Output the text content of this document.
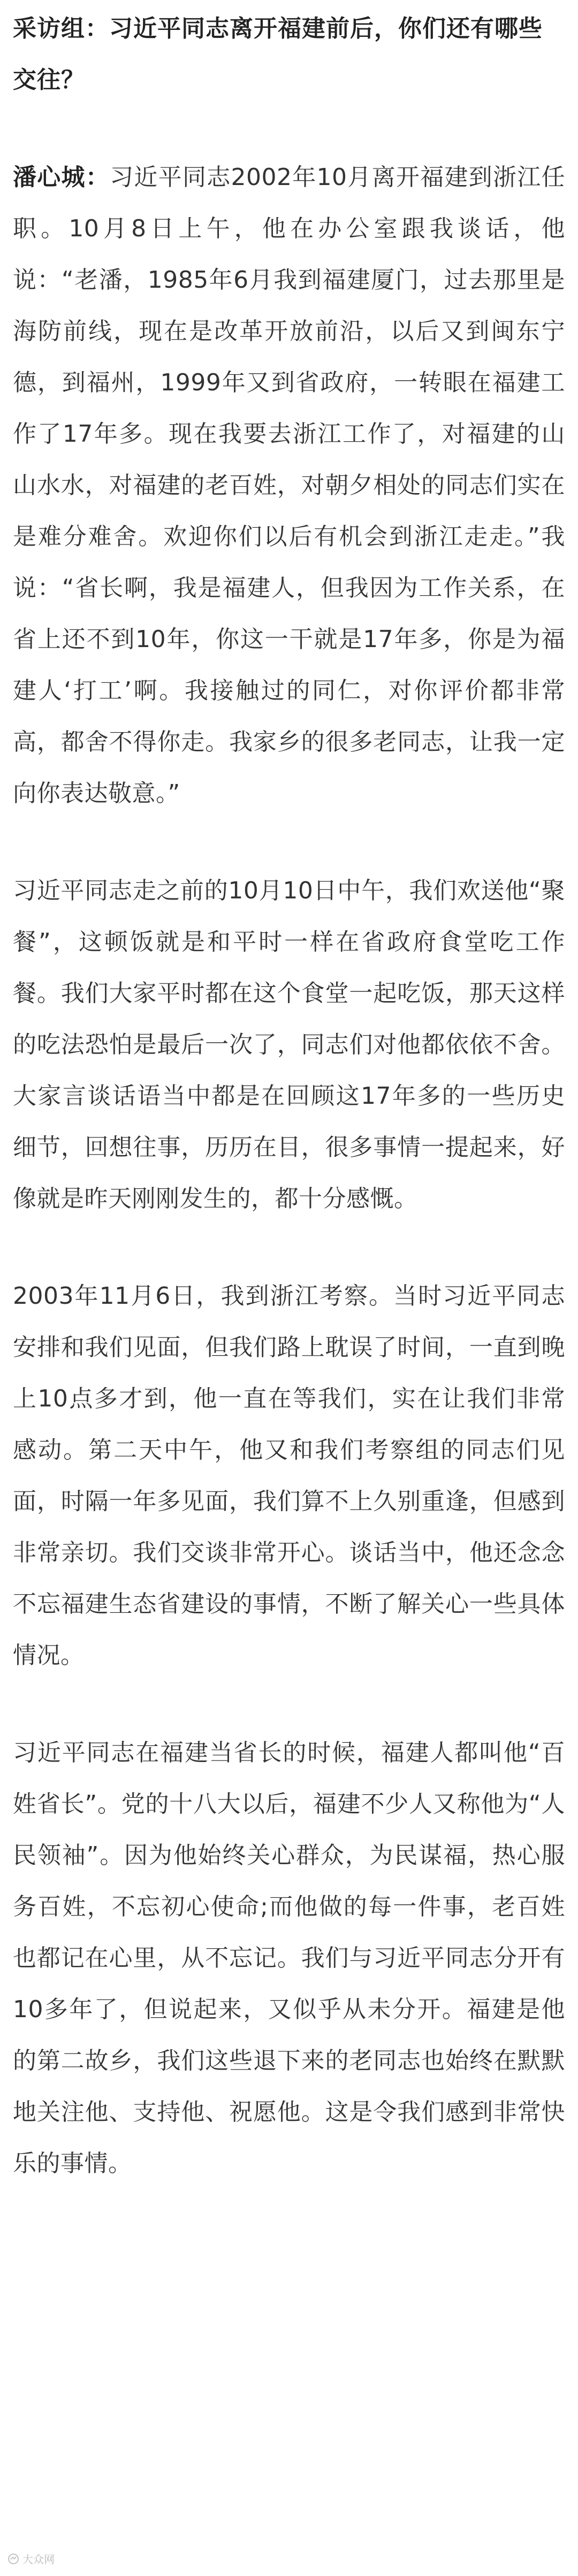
采访组：习近平同志离开福建前后，你们还有哪些交往？

潘心城：习近平同志2002年10月离开福建到浙江任职。10月8日上午，他在办公室跟我谈话，他说：“老潘，1985年6月我到福建厦门，过去那里是海防前线，现在是改革开放前沿，以后又到闽东宁德，到福州，1999年又到省政府，一转眼在福建工作了17年多。现在我要去浙江工作了，对福建的山山水水，对福建的老百姓，对朝夕相处的同志们实在是难分难舍。欢迎你们以后有机会到浙江走走。”我说：“省长啊，我是福建人，但我因为工作关系，在省上还不到10年，你这一干就是17年多，你是为福建人‘打工’啊。我接触过的同仁，对你评价都非常高，都舍不得你走。我家乡的很多老同志，让我一定向你表达敬意。”

习近平同志走之前的10月10日中午，我们欢送他“聚餐”，这顿饭就是和平时一样在省政府食堂吃工作餐。我们大家平时都在这个食堂一起吃饭，那天这样的吃法恐怕是最后一次了，同志们对他都依依不舍。大家言谈话语当中都是在回顾这17年多的一些历史细节，回想往事，历历在目，很多事情一提起来，好像就是昨天刚刚发生的，都十分感慨。

2003年11月6日，我到浙江考察。当时习近平同志安排和我们见面，但我们路上耽误了时间，一直到晚上10点多才到，他一直在等我们，实在让我们非常感动。第二天中午，他又和我们考察组的同志们见面，时隔一年多见面，我们算不上久别重逢，但感到非常亲切。我们交谈非常开心。谈话当中，他还念念不忘福建生态省建设的事情，不断了解关心一些具体情况。

习近平同志在福建当省长的时候，福建人都叫他“百姓省长”。党的十八大以后，福建不少人又称他为“人民领袖”。因为他始终关心群众，为民谋福，热心服务百姓，不忘初心使命;而他做的每一件事，老百姓也都记在心里，从不忘记。我们与习近平同志分开有10多年了，但说起来，又似乎从未分开。福建是他的第二故乡，我们这些退下来的老同志也始终在默默地关注他、支持他、祝愿他。这是令我们感到非常快乐的事情。

大众网
